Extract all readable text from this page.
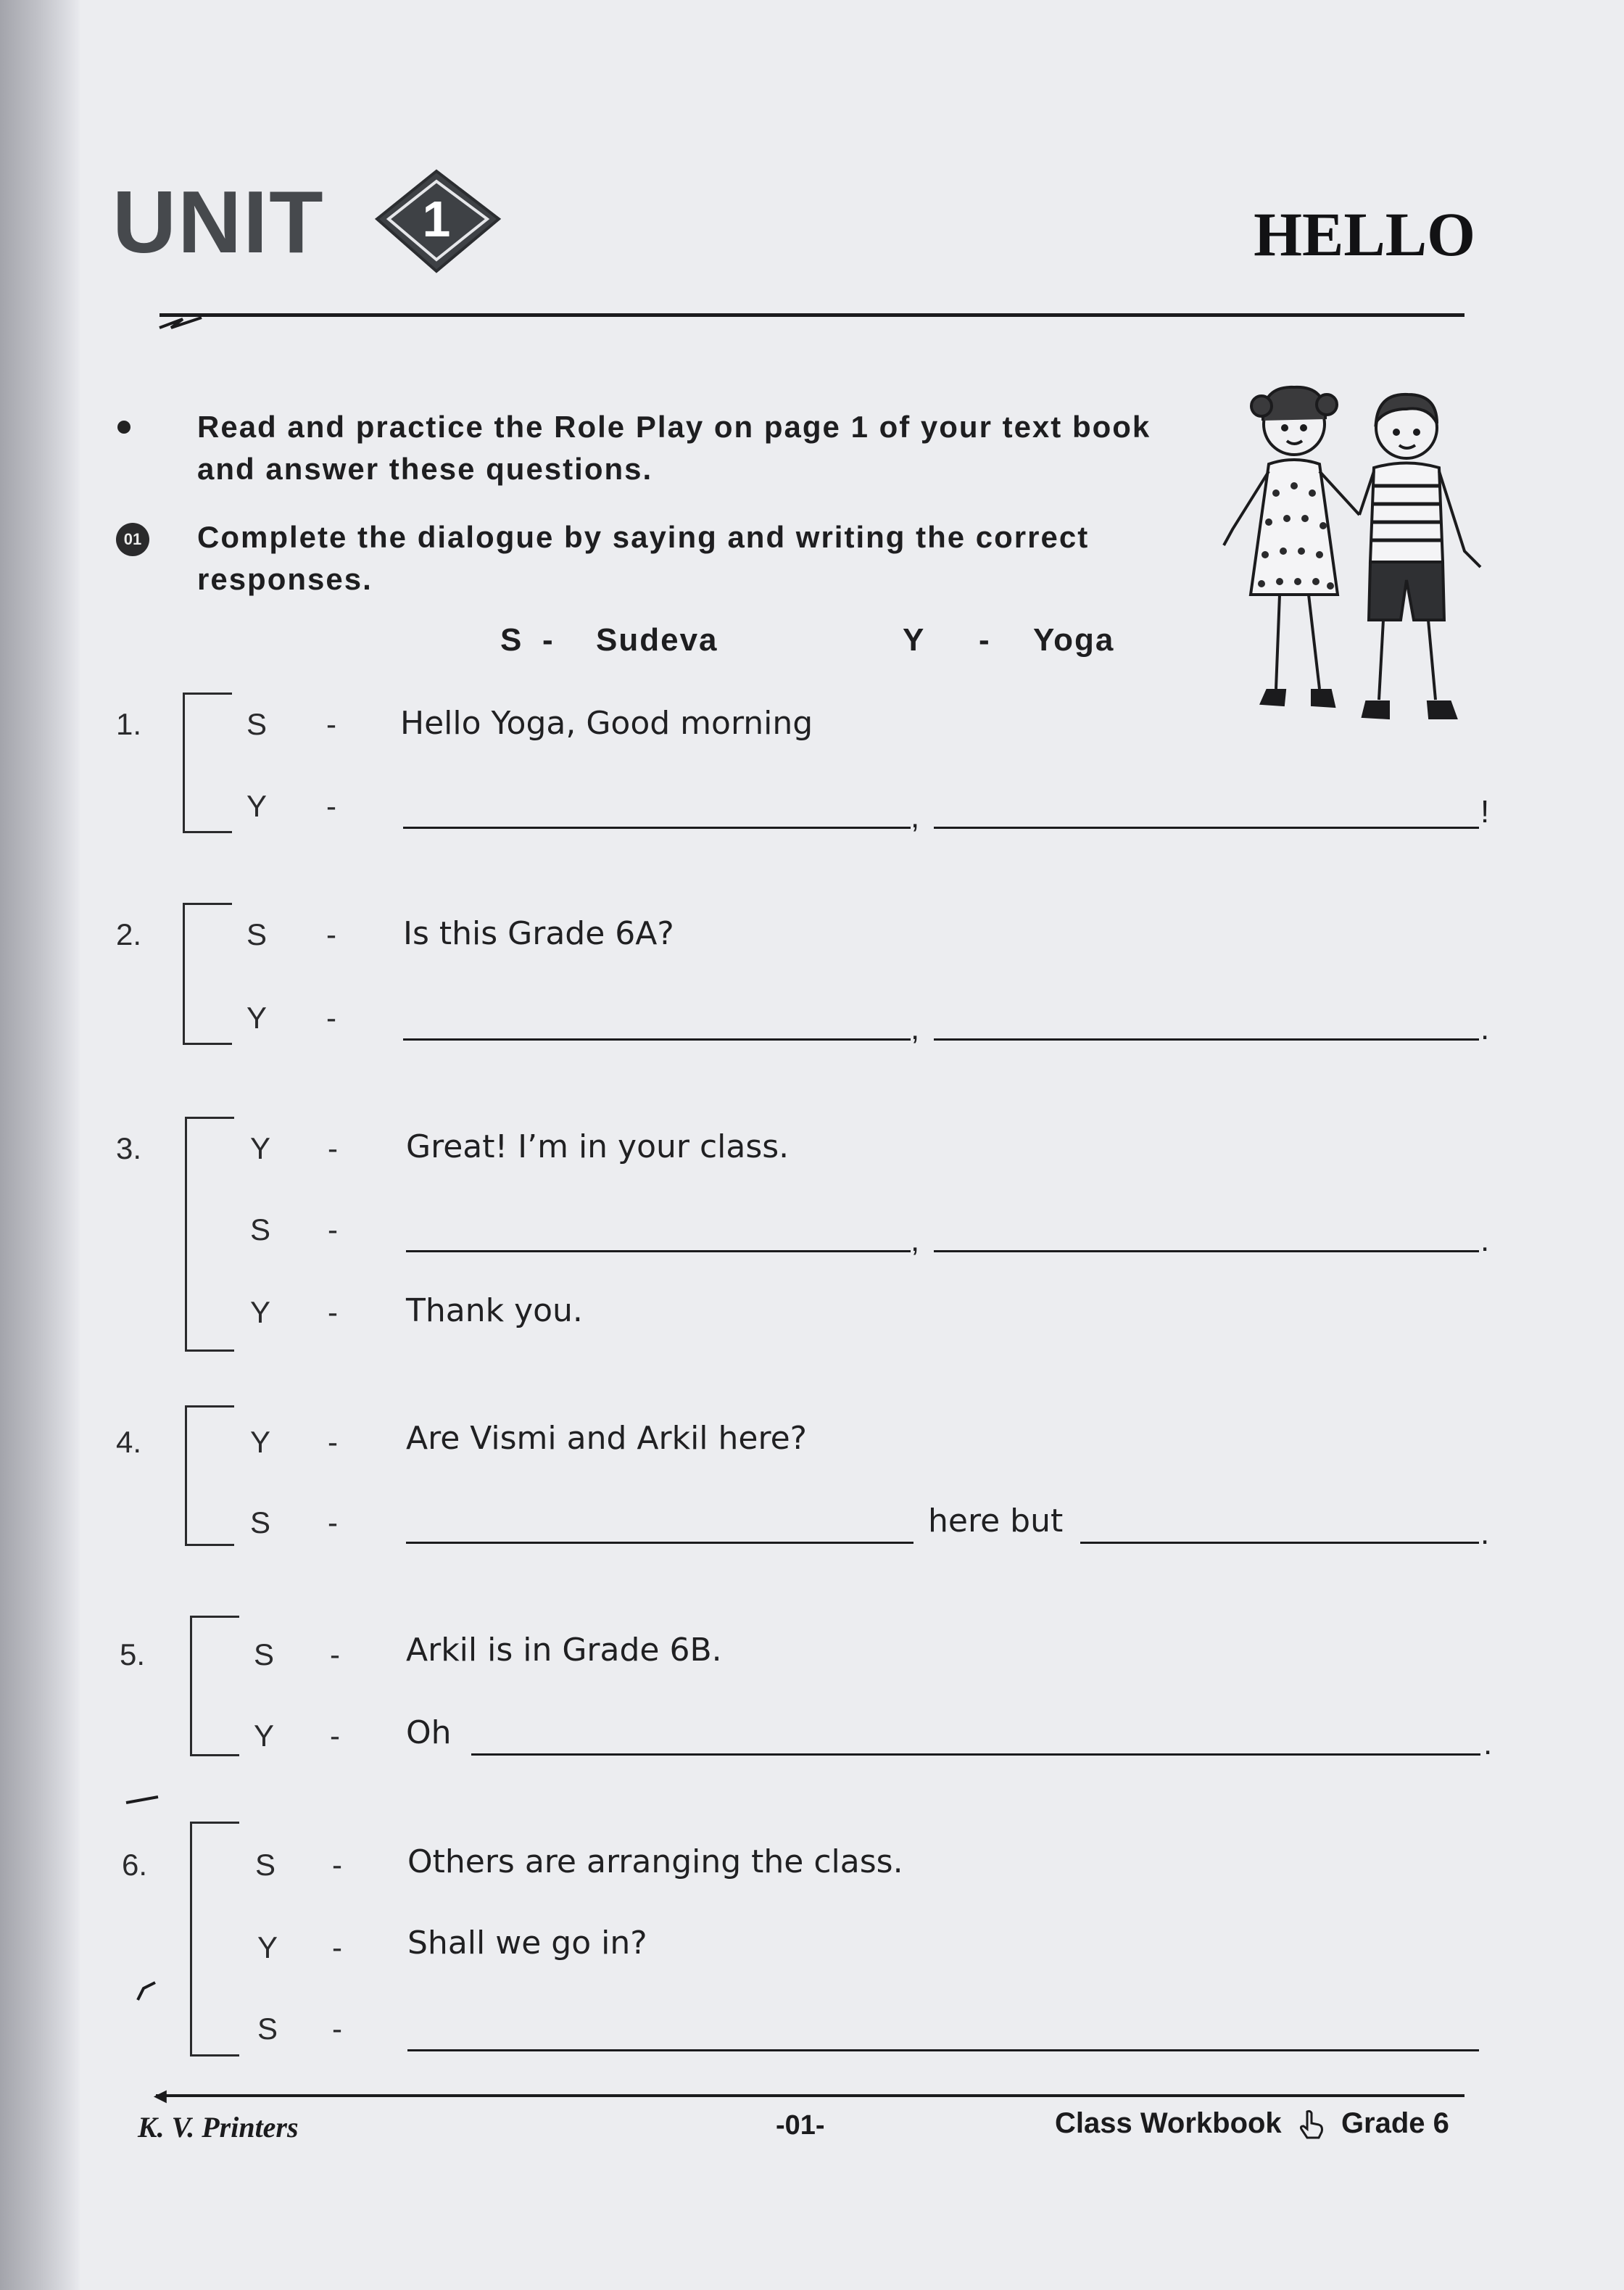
UNIT 1	HELLO
Read and practice the Role Play on page 1 of your text book and answer these questions.
01 Complete the dialogue by saying and writing the correct responses.
S - Sudeva	Y - Yoga
1.	S - Hello Yoga, Good morning
Y -	,	!
2.	S - Is this Grade 6A?
Y -	,	.
3.	Y - Great! I’m in your class.
S -	,	.
Y - Thank you.
4.	Y - Are Vismi and Arkil here?
S -	here but	.
5.	S - Arkil is in Grade 6B.
Y - Oh	.
6.	S - Others are arranging the class.
Y - Shall we go in?
S -
◄
K. V. Printers	-01-	Class Workbook Grade 6
